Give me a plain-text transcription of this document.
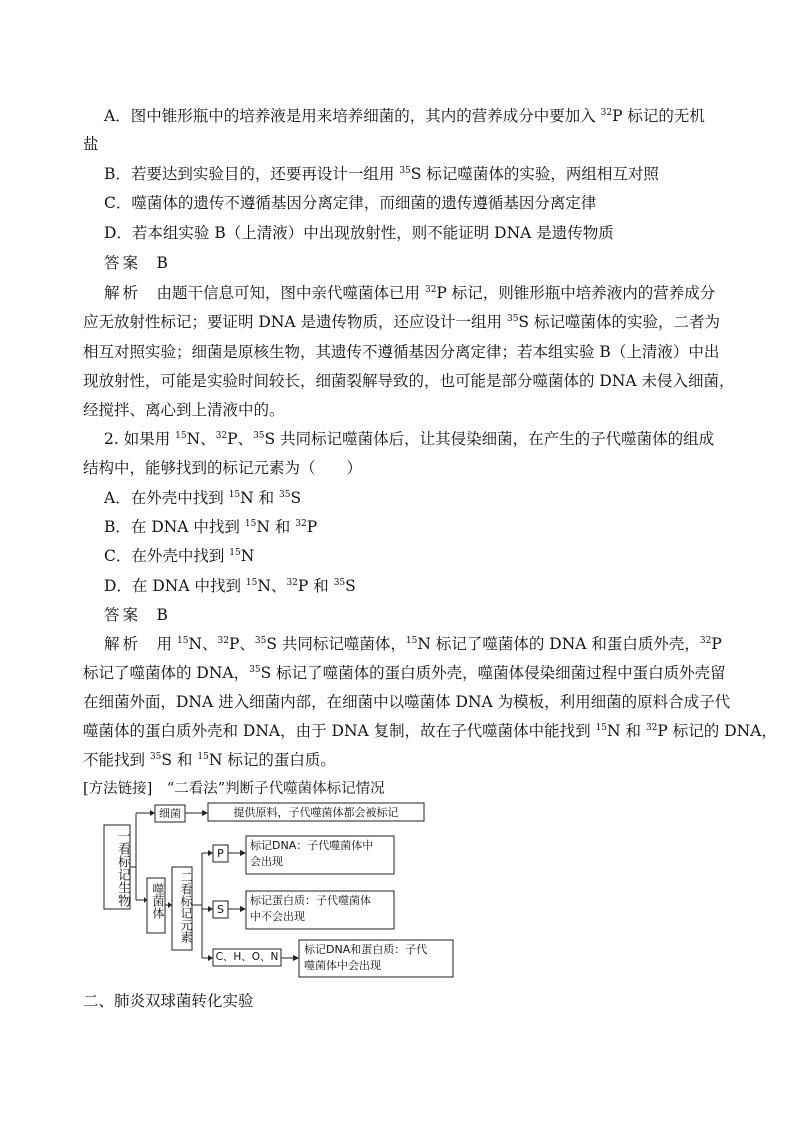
A．图中锥形瓶中的培养液是用来培养细菌的，其内的营养成分中要加入 $^{32}$P 标记的无机
盐
B．若要达到实验目的，还要再设计一组用 $^{35}$S 标记噬菌体的实验，两组相互对照
C．噬菌体的遗传不遵循基因分离定律，而细菌的遗传遵循基因分离定律
D．若本组实验 B（上清液）中出现放射性，则不能证明 DNA 是遗传物质
答案　 B
解析　 由题干信息可知，图中亲代噬菌体已用 $^{32}$P 标记，则锥形瓶中培养液内的营养成分
应无放射性标记；要证明 DNA 是遗传物质，还应设计一组用 $^{35}$S 标记噬菌体的实验，二者为
相互对照实验；细菌是原核生物，其遗传不遵循基因分离定律；若本组实验 B（上清液）中出
现放射性，可能是实验时间较长，细菌裂解导致的，也可能是部分噬菌体的 DNA 未侵入细菌，
经搅拌、离心到上清液中的。
2. 如果用 $^{15}$N、$^{32}$P、$^{35}$S 共同标记噬菌体后，让其侵染细菌，在产生的子代噬菌体的组成
结构中，能够找到的标记元素为（　　）
A．在外壳中找到 $^{15}$N 和 $^{35}$S
B．在 DNA 中找到 $^{15}$N 和 $^{32}$P
C．在外壳中找到 $^{15}$N
D．在 DNA 中找到 $^{15}$N、$^{32}$P 和 $^{35}$S
答案　 B
解析　 用 $^{15}$N、$^{32}$P、$^{35}$S 共同标记噬菌体，$^{15}$N 标记了噬菌体的 DNA 和蛋白质外壳，$^{32}$P
标记了噬菌体的 DNA，$^{35}$S 标记了噬菌体的蛋白质外壳，噬菌体侵染细菌过程中蛋白质外壳留
在细菌外面，DNA 进入细菌内部，在细菌中以噬菌体 DNA 为模板，利用细菌的原料合成子代
噬菌体的蛋白质外壳和 DNA，由于 DNA 复制，故在子代噬菌体中能找到 $^{15}$N 和 $^{32}$P 标记的 DNA，
不能找到 $^{35}$S 和 $^{15}$N 标记的蛋白质。
[方法链接]　 “二看法”判断子代噬菌体标记情况
一看标记生物
细菌	提供原料，子代噬菌体都会被标记
噬菌体	二看标记元素
P
S
C、H、O、N
标记DNA：子代噬菌体中
会出现
标记蛋白质：子代噬菌体
中不会出现
标记DNA和蛋白质：子代
噬菌体中会出现
二、肺炎双球菌转化实验
